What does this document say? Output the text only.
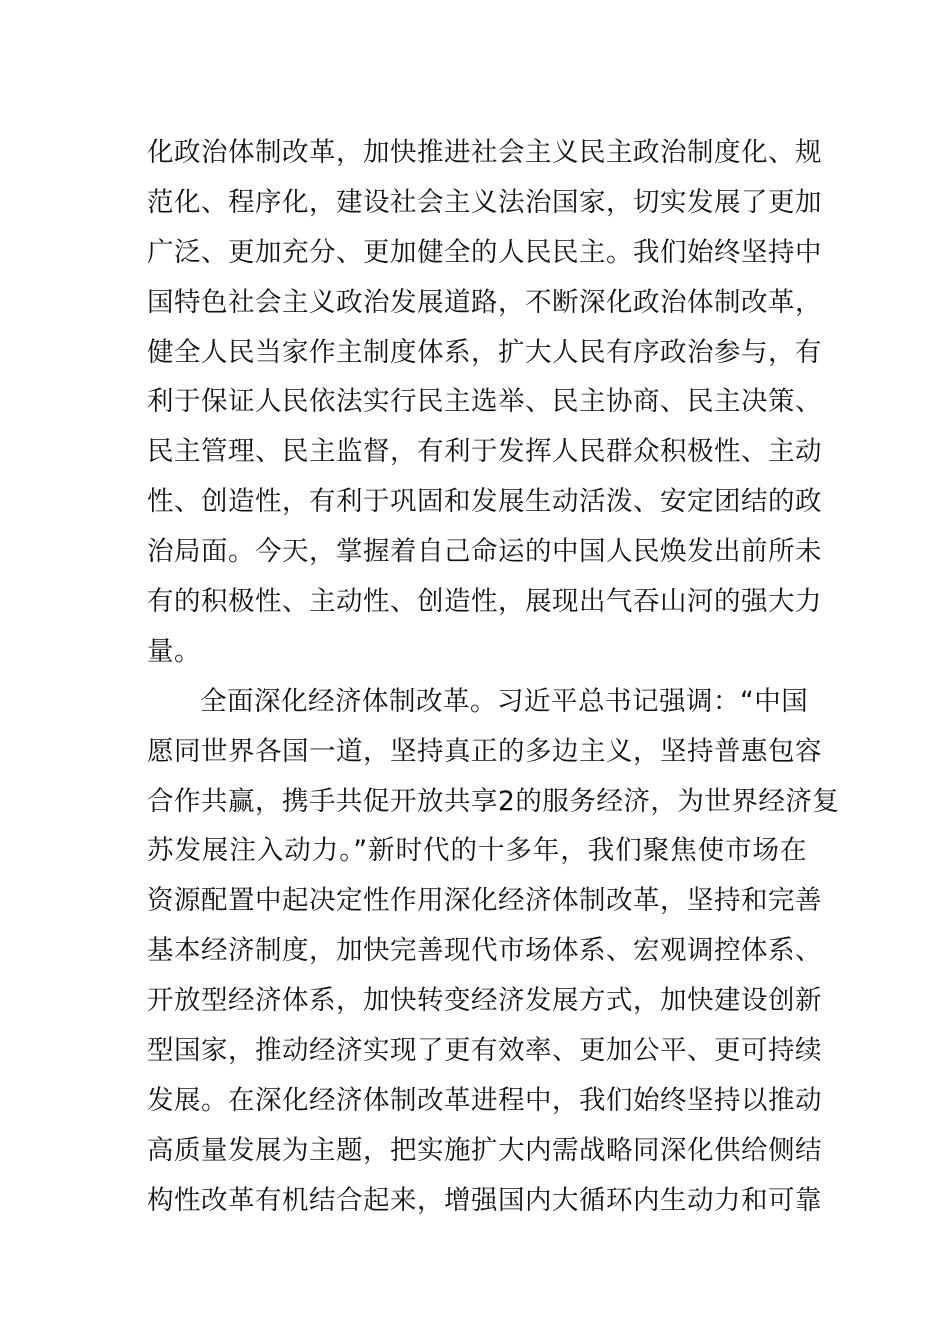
化政治体制改革，加快推进社会主义民主政治制度化、规
范化、程序化，建设社会主义法治国家，切实发展了更加
广泛、更加充分、更加健全的人民民主。我们始终坚持中
国特色社会主义政治发展道路，不断深化政治体制改革，
健全人民当家作主制度体系，扩大人民有序政治参与，有
利于保证人民依法实行民主选举、民主协商、民主决策、
民主管理、民主监督，有利于发挥人民群众积极性、主动
性、创造性，有利于巩固和发展生动活泼、安定团结的政
治局面。今天，掌握着自己命运的中国人民焕发出前所未
有的积极性、主动性、创造性，展现出气吞山河的强大力
量。
全面深化经济体制改革。习近平总书记强调：“中国
愿同世界各国一道，坚持真正的多边主义，坚持普惠包容
合作共赢，携手共促开放共享2的服务经济，为世界经济复
苏发展注入动力。”新时代的十多年，我们聚焦使市场在
资源配置中起决定性作用深化经济体制改革，坚持和完善
基本经济制度，加快完善现代市场体系、宏观调控体系、
开放型经济体系，加快转变经济发展方式，加快建设创新
型国家，推动经济实现了更有效率、更加公平、更可持续
发展。在深化经济体制改革进程中，我们始终坚持以推动
高质量发展为主题，把实施扩大内需战略同深化供给侧结
构性改革有机结合起来，增强国内大循环内生动力和可靠
